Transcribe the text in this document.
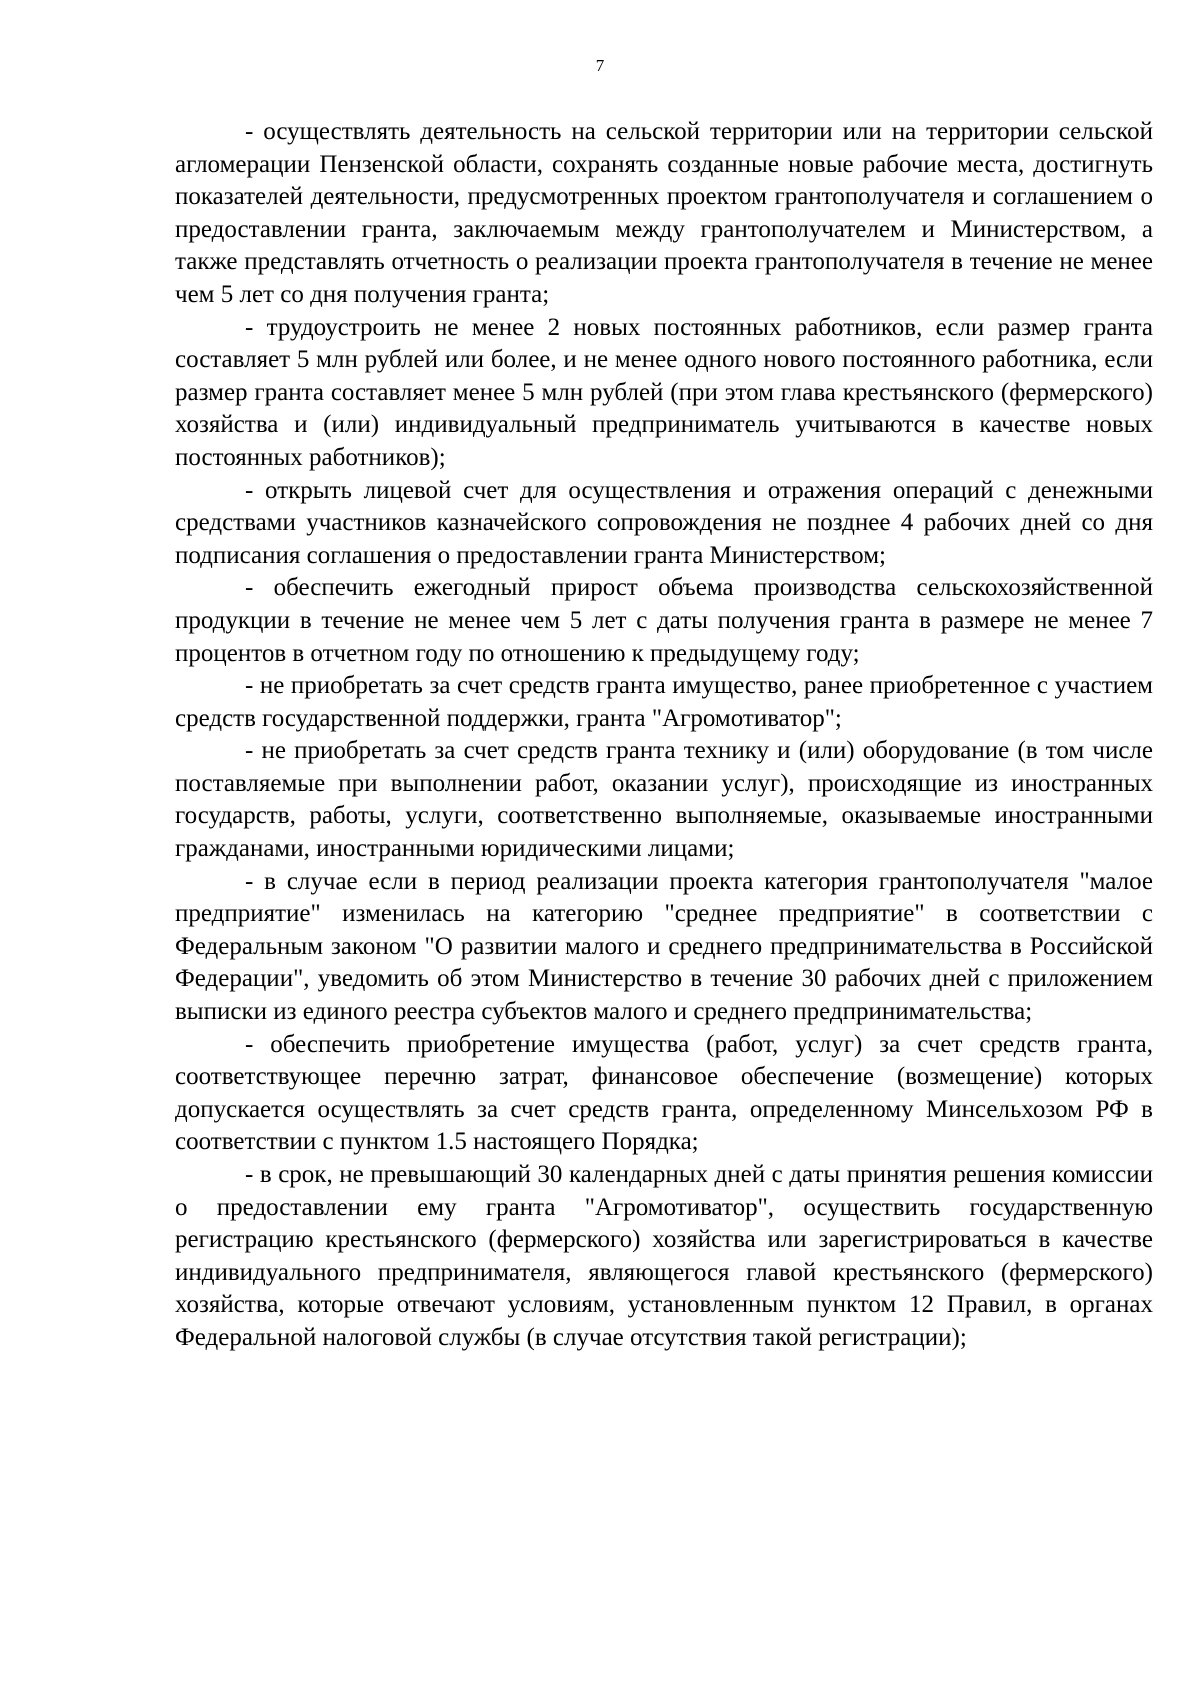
7

- осуществлять деятельность на сельской территории или на территории сельской агломерации Пензенской области, сохранять созданные новые рабочие места, достигнуть показателей деятельности, предусмотренных проектом грантополучателя и соглашением о предоставлении гранта, заключаемым между грантополучателем и Министерством, а также представлять отчетность о реализации проекта грантополучателя в течение не менее чем 5 лет со дня получения гранта;

- трудоустроить не менее 2 новых постоянных работников, если размер гранта составляет 5 млн рублей или более, и не менее одного нового постоянного работника, если размер гранта составляет менее 5 млн рублей (при этом глава крестьянского (фермерского) хозяйства и (или) индивидуальный предприниматель учитываются в качестве новых постоянных работников);

- открыть лицевой счет для осуществления и отражения операций с денежными средствами участников казначейского сопровождения не позднее 4 рабочих дней со дня подписания соглашения о предоставлении гранта Министерством;

- обеспечить ежегодный прирост объема производства сельскохозяйственной продукции в течение не менее чем 5 лет с даты получения гранта в размере не менее 7 процентов в отчетном году по отношению к предыдущему году;

- не приобретать за счет средств гранта имущество, ранее приобретенное с участием средств государственной поддержки, гранта "Агромотиватор";

- не приобретать за счет средств гранта технику и (или) оборудование (в том числе поставляемые при выполнении работ, оказании услуг), происходящие из иностранных государств, работы, услуги, соответственно выполняемые, оказываемые иностранными гражданами, иностранными юридическими лицами;

- в случае если в период реализации проекта категория грантополучателя "малое предприятие" изменилась на категорию "среднее предприятие" в соответствии с Федеральным законом "О развитии малого и среднего предпринимательства в Российской Федерации", уведомить об этом Министерство в течение 30 рабочих дней с приложением выписки из единого реестра субъектов малого и среднего предпринимательства;

- обеспечить приобретение имущества (работ, услуг) за счет средств гранта, соответствующее перечню затрат, финансовое обеспечение (возмещение) которых допускается осуществлять за счет средств гранта, определенному Минсельхозом РФ в соответствии с пунктом 1.5 настоящего Порядка;

- в срок, не превышающий 30 календарных дней с даты принятия решения комиссии о предоставлении ему гранта "Агромотиватор", осуществить государственную регистрацию крестьянского (фермерского) хозяйства или зарегистрироваться в качестве индивидуального предпринимателя, являющегося главой крестьянского (фермерского) хозяйства, которые отвечают условиям, установленным пунктом 12 Правил, в органах Федеральной налоговой службы (в случае отсутствия такой регистрации);
